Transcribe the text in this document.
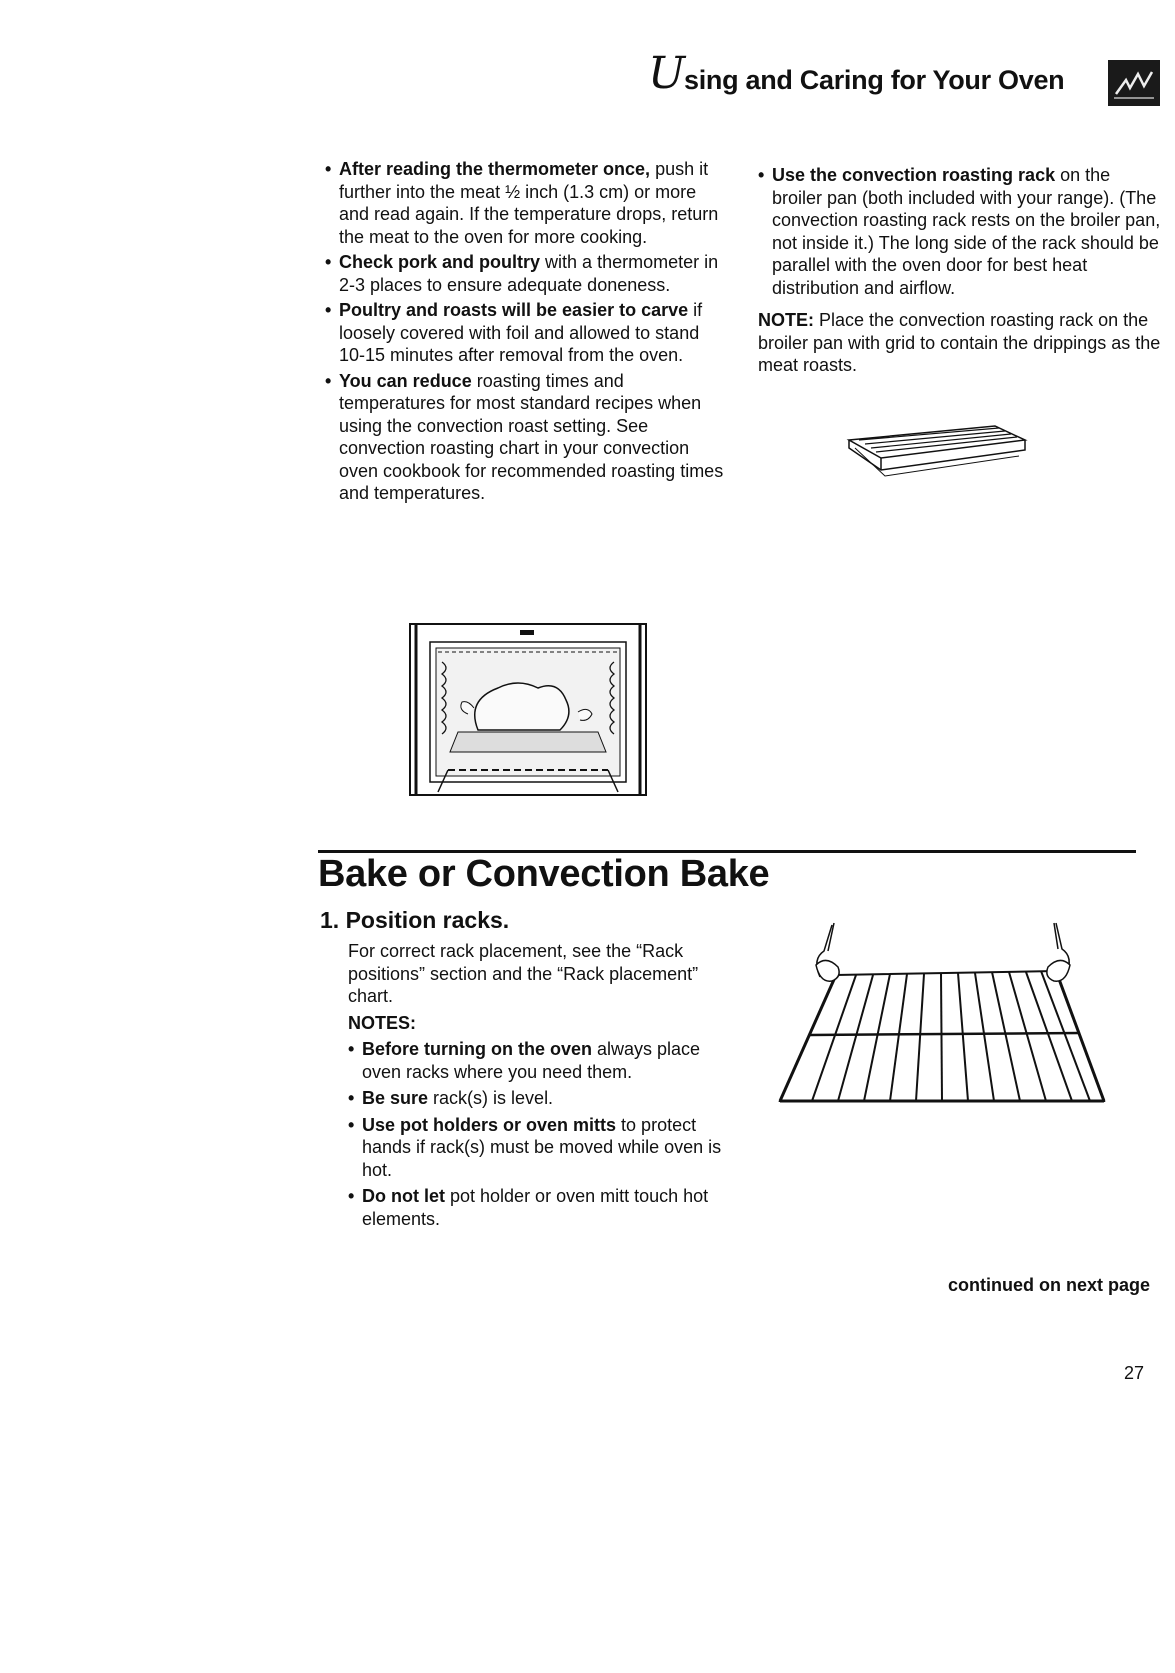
U
sing and Caring for Your Oven
• After reading the thermometer once, push it further into the meat ½ inch (1.3 cm) or more and read again. If the temperature drops, return the meat to the oven for more cooking.
• Check pork and poultry with a thermometer in 2-3 places to ensure adequate doneness.
• Poultry and roasts will be easier to carve if loosely covered with foil and allowed to stand 10-15 minutes after removal from the oven.
• You can reduce roasting times and temperatures for most standard recipes when using the convection roast setting. See convection roasting chart in your convection oven cookbook for recommended roasting times and temperatures.
• Use the convection roasting rack on the broiler pan (both included with your range). (The convection roasting rack rests on the broiler pan, not inside it.) The long side of the rack should be parallel with the oven door for best heat distribution and airflow.
NOTE: Place the convection roasting rack on the broiler pan with grid to contain the drippings as the meat roasts.
Bake or Convection Bake
1. Position racks.
For correct rack placement, see the “Rack positions” section and the “Rack placement” chart.
NOTES:
• Before turning on the oven always place oven racks where you need them.
• Be sure rack(s) is level.
• Use pot holders or oven mitts to protect hands if rack(s) must be moved while oven is hot.
• Do not let pot holder or oven mitt touch hot elements.
continued on next page
27
